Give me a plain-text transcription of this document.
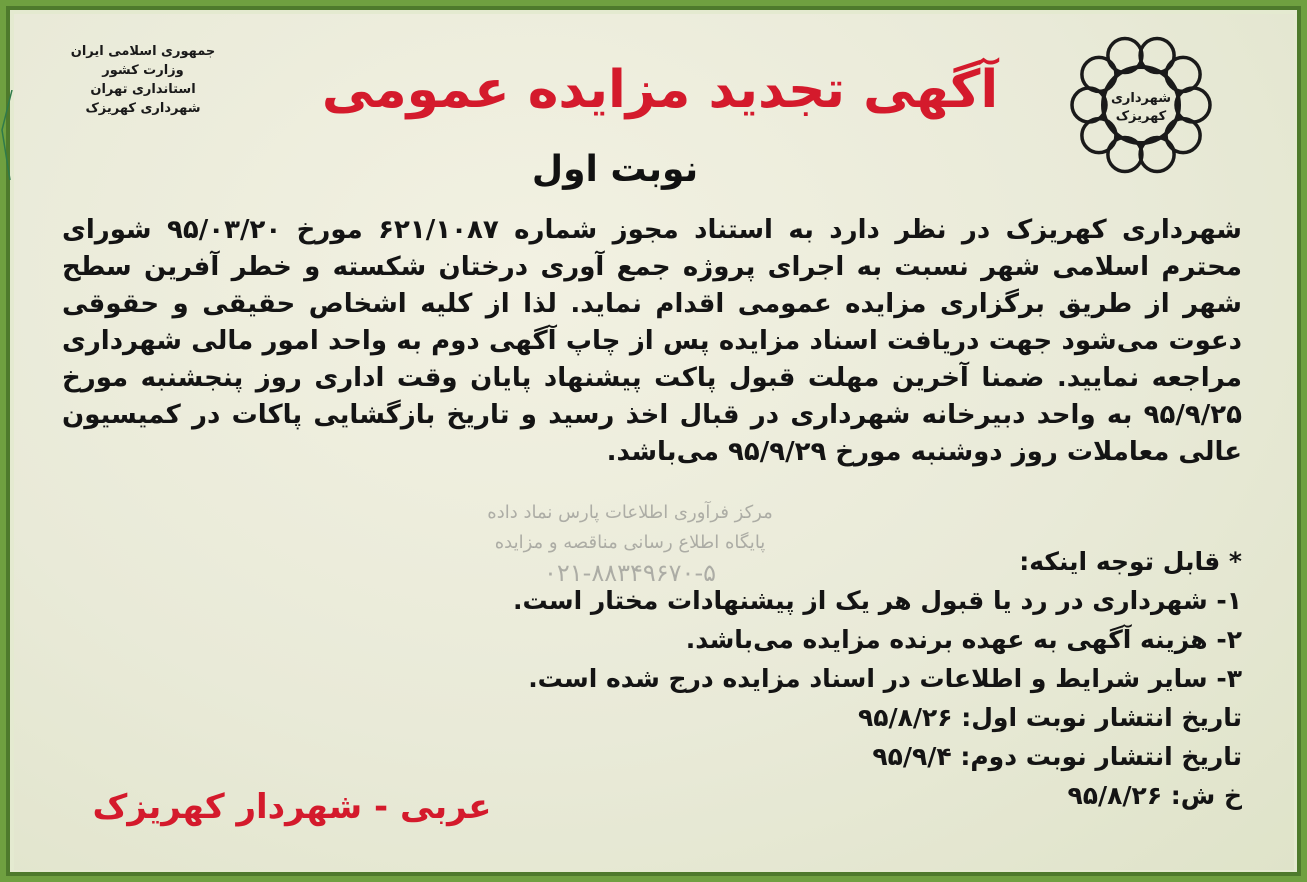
شهرداری
کهریزک
جمهوری اسلامی ایران
وزارت کشور
استانداری تهران
شهرداری کهریزک	آگهی تجدید مزایده عمومی
نوبت اول

شهرداری کهریزک در نظر دارد به استناد مجوز شماره ۶۲۱/۱۰۸۷ مورخ ۹۵/۰۳/۲۰ شورای محترم اسلامی شهر نسبت به اجرای پروژه جمع آوری درختان شکسته و خطر آفرین سطح شهر از طریق برگزاری مزایده عمومی اقدام نماید. لذا از کلیه اشخاص حقیقی و حقوقی دعوت می‌شود جهت دریافت اسناد مزایده پس از چاپ آگهی دوم به واحد امور مالی شهرداری مراجعه نمایید. ضمنا آخرین مهلت قبول پاکت پیشنهاد پایان وقت اداری روز پنجشنبه مورخ ۹۵/۹/۲۵ به واحد دبیرخانه شهرداری در قبال اخذ رسید و تاریخ بازگشایی پاکات در کمیسیون عالی معاملات روز دوشنبه مورخ ۹۵/۹/۲۹ می‌باشد.

مرکز فرآوری اطلاعات پارس نماد داده
پایگاه اطلاع رسانی مناقصه و مزایده
۰۲۱-۸۸۳۴۹۶۷۰-۵	* قابل توجه اینکه:
۱- شهرداری در رد یا قبول هر یک از پیشنهادات مختار است.
۲- هزینه آگهی به عهده برنده مزایده می‌باشد.
۳- سایر شرایط و اطلاعات در اسناد مزایده درج شده است.
تاریخ انتشار نوبت اول: ۹۵/۸/۲۶
تاریخ انتشار نوبت دوم: ۹۵/۹/۴
خ ش: ۹۵/۸/۲۶
عربی - شهردار کهریزک
